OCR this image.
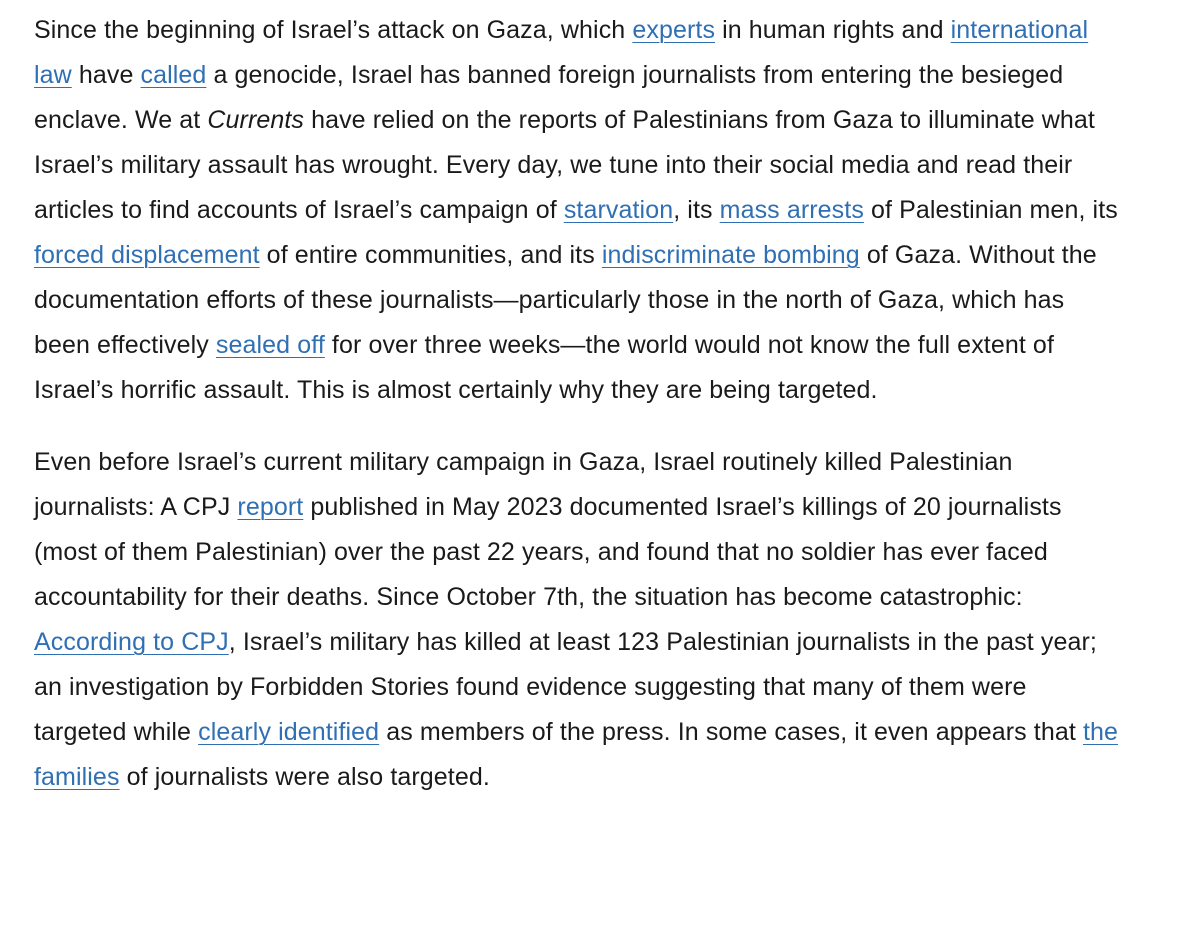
Since the beginning of Israel’s attack on Gaza, which experts in human rights and international law have called a genocide, Israel has banned foreign journalists from entering the besieged enclave. We at Currents have relied on the reports of Palestinians from Gaza to illuminate what Israel’s military assault has wrought. Every day, we tune into their social media and read their articles to find accounts of Israel’s campaign of starvation, its mass arrests of Palestinian men, its forced displacement of entire communities, and its indiscriminate bombing of Gaza. Without the documentation efforts of these journalists—particularly those in the north of Gaza, which has been effectively sealed off for over three weeks—the world would not know the full extent of Israel’s horrific assault. This is almost certainly why they are being targeted.

Even before Israel’s current military campaign in Gaza, Israel routinely killed Palestinian journalists: A CPJ report published in May 2023 documented Israel’s killings of 20 journalists (most of them Palestinian) over the past 22 years, and found that no soldier has ever faced accountability for their deaths. Since October 7th, the situation has become catastrophic: According to CPJ, Israel’s military has killed at least 123 Palestinian journalists in the past year; an investigation by Forbidden Stories found evidence suggesting that many of them were targeted while clearly identified as members of the press. In some cases, it even appears that the families of journalists were also targeted.
